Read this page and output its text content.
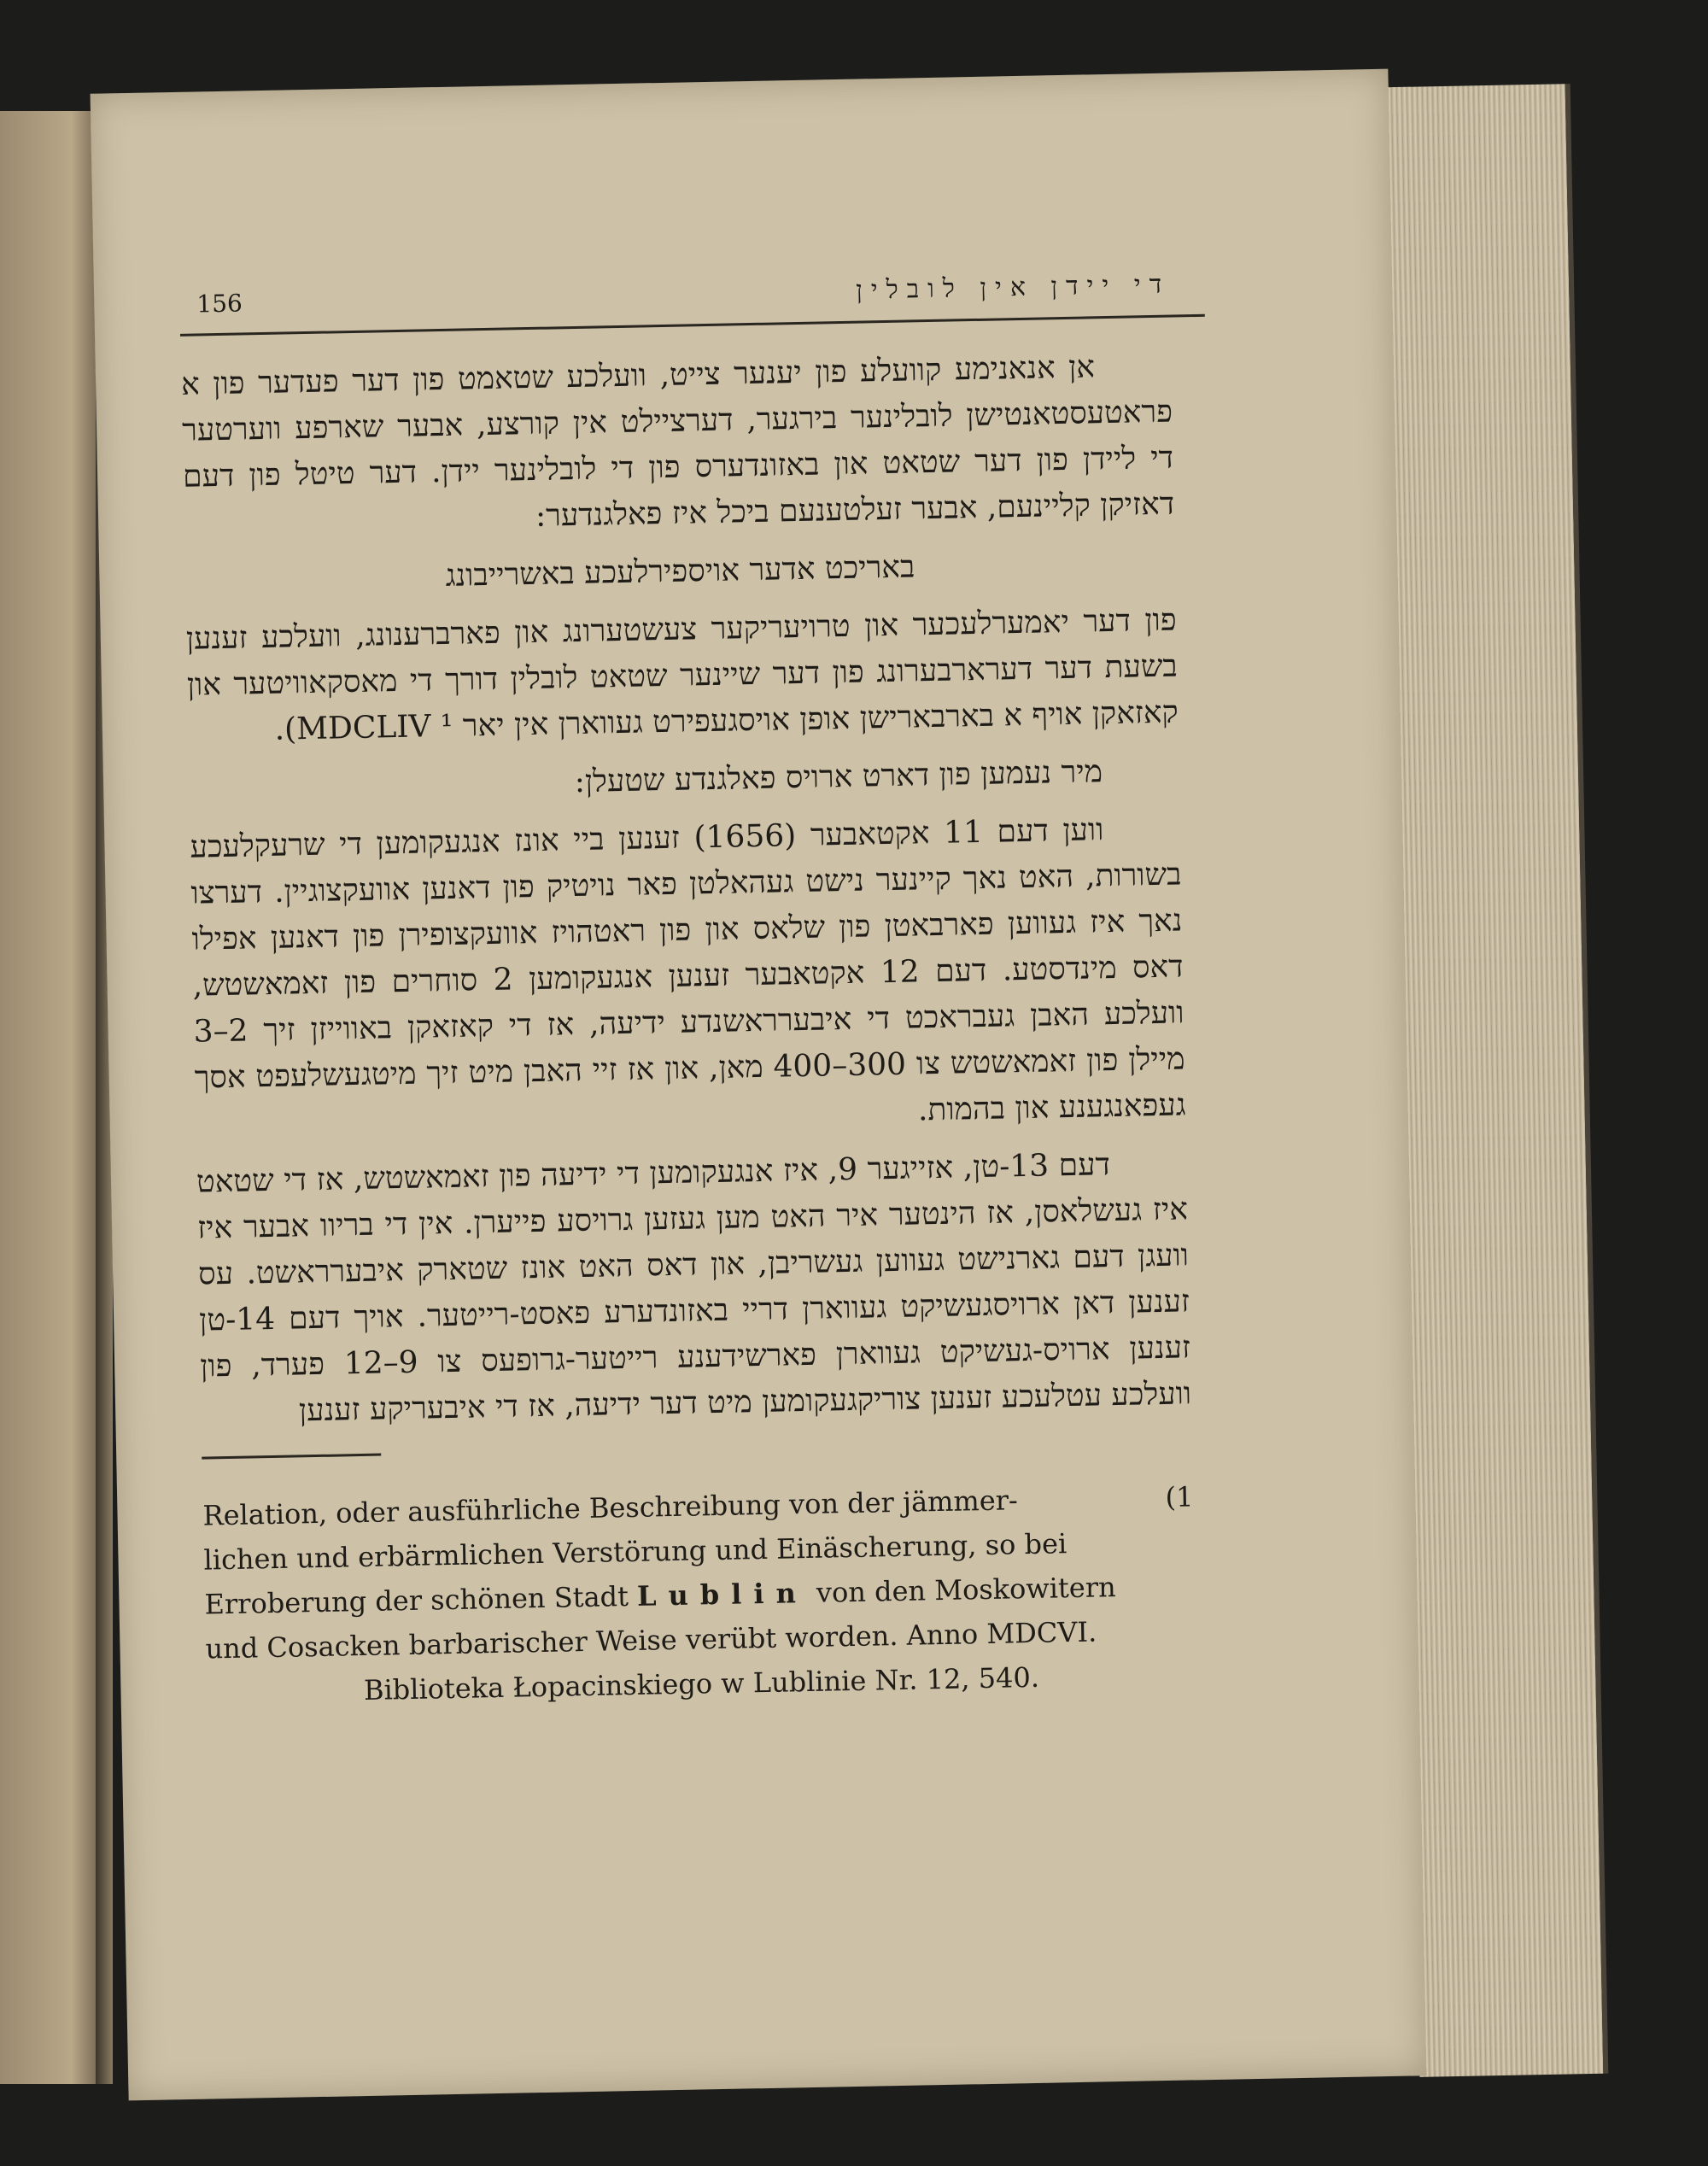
156	די יידן אין לובלין

אן אנאנימע קוועלע פון יענער צייט, וועלכע שטאמט פון דער פעדער פון א פראטעסטאנטישן לובלינער בירגער, דערציילט אין קורצע, אבער שארפע ווערטער די ליידן פון דער שטאט און באזונדערס פון די לובלינער יידן. דער טיטל פון דעם דאזיקן קליינעם, אבער זעלטענעם ביכל איז פאלגנדער:

באריכט אדער אויספירלעכע באשרייבונג

פון דער יאמערלעכער און טרויעריקער צעשטערונג און פארברענונג, וועלכע זענען בשעת דער דערארבערונג פון דער שיינער שטאט לובלין דורך די מאסקאוויטער און קאזאקן אויף א בארבארישן אופן אויסגעפירט געווארן אין יאר MDCLIV ¹).

מיר נעמען פון דארט ארויס פאלגנדע שטעלן:

ווען דעם 11 אקטאבער (1656) זענען ביי אונז אנגעקומען די שרעקלעכע בשורות, האט נאך קיינער נישט געהאלטן פאר נויטיק פון דאנען אוועקצוגיין. דערצו נאך איז געווען פארבאטן פון שלאס און פון ראטהויז אוועקצופירן פון דאנען אפילו דאס מינדסטע. דעם 12 אקטאבער זענען אנגעקומען 2 סוחרים פון זאמאשטש, וועלכע האבן געבראכט די איבערראשנדע ידיעה, אז די קאזאקן באווייזן זיך 2–3 מיילן פון זאמאשטש צו 300–400 מאן, און אז זיי האבן מיט זיך מיטגעשלעפט אסך געפאנגענע און בהמות.

דעם 13-טן, אזייגער 9, איז אנגעקומען די ידיעה פון זאמאשטש, אז די שטאט איז געשלאסן, אז הינטער איר האט מען געזען גרויסע פייערן. אין די בריוו אבער איז וועגן דעם גארנישט געווען געשריבן, און דאס האט אונז שטארק איבערראשט. עס זענען דאן ארויסגעשיקט געווארן דריי באזונדערע פאסט-רייטער. אויך דעם 14-טן זענען ארויס-געשיקט געווארן פארשידענע רייטער-גרופעס צו 9–12 פערד, פון וועלכע עטלעכע זענען צוריקגעקומען מיט דער ידיעה, אז די איבעריקע זענען

(1
Relation, oder ausführliche Beschreibung von der jämmer-
lichen und erbärmlichen Verstörung und Einäscherung, so bei
Erroberung der schönen Stadt Lublin von den Moskowitern
und Cosacken barbarischer Weise verübt worden. Anno MDCVI.
Biblioteka Łopacinskiego w Lublinie Nr. 12, 540.
